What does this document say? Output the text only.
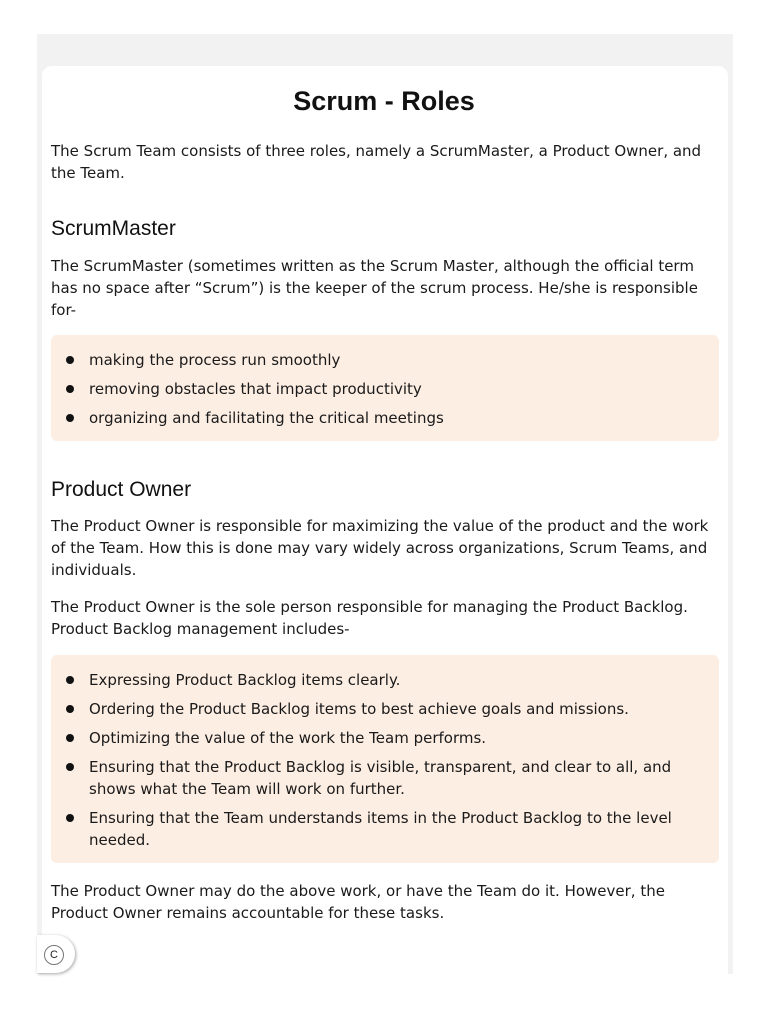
Scrum - Roles

The Scrum Team consists of three roles, namely a ScrumMaster, a Product Owner, and the Team.

ScrumMaster

The ScrumMaster (sometimes written as the Scrum Master, although the official term has no space after “Scrum”) is the keeper of the scrum process. He/she is responsible for-

making the process run smoothly
removing obstacles that impact productivity
organizing and facilitating the critical meetings
Product Owner

The Product Owner is responsible for maximizing the value of the product and the work of the Team. How this is done may vary widely across organizations, Scrum Teams, and individuals.

The Product Owner is the sole person responsible for managing the Product Backlog. Product Backlog management includes-

Expressing Product Backlog items clearly.
Ordering the Product Backlog items to best achieve goals and missions.
Optimizing the value of the work the Team performs.
Ensuring that the Product Backlog is visible, transparent, and clear to all, and shows what the Team will work on further.
Ensuring that the Team understands items in the Product Backlog to the level needed.

The Product Owner may do the above work, or have the Team do it. However, the Product Owner remains accountable for these tasks.

C
